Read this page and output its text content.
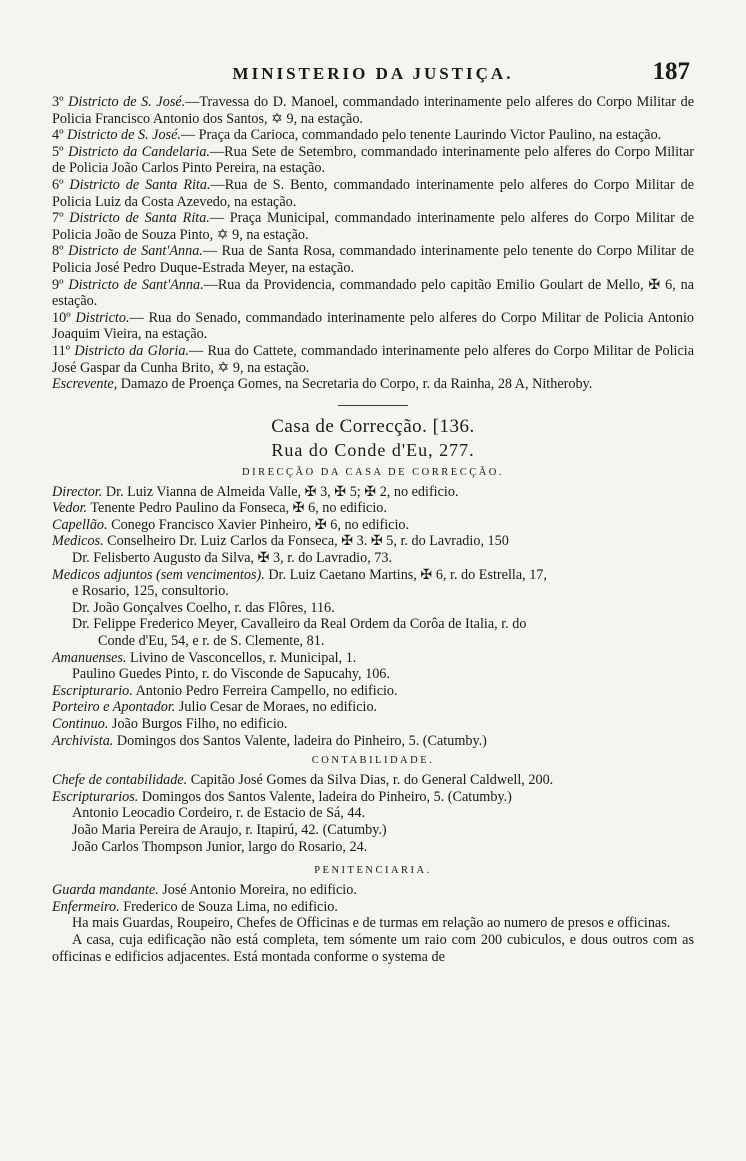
MINISTERIO DA JUSTIÇA.	187
3º Districto de S. José.—Travessa do D. Manoel, commandado interinamente pelo alferes do Corpo Militar de Policia Francisco Antonio dos Santos, ✡ 9, na estação.
4º Districto de S. José.— Praça da Carioca, commandado pelo tenente Laurindo Victor Paulino, na estação.
5º Districto da Candelaria.—Rua Sete de Setembro, commandado interinamente pelo alferes do Corpo Militar de Policia João Carlos Pinto Pereira, na estação.
6º Districto de Santa Rita.—Rua de S. Bento, commandado interinamente pelo alferes do Corpo Militar de Policia Luiz da Costa Azevedo, na estação.
7º Districto de Santa Rita.— Praça Municipal, commandado interinamente pelo alferes do Corpo Militar de Policia João de Souza Pinto, ✡ 9, na estação.
8º Districto de Sant'Anna.— Rua de Santa Rosa, commandado interinamente pelo tenente do Corpo Militar de Policia José Pedro Duque-Estrada Meyer, na estação.
9º Districto de Sant'Anna.—Rua da Providencia, commandado pelo capitão Emilio Goulart de Mello, ✠ 6, na estação.
10º Districto.— Rua do Senado, commandado interinamente pelo alferes do Corpo Militar de Policia Antonio Joaquim Vieira, na estação.
11º Districto da Gloria.— Rua do Cattete, commandado interinamente pelo alferes do Corpo Militar de Policia José Gaspar da Cunha Brito, ✡ 9, na estação.
Escrevente, Damazo de Proença Gomes, na Secretaria do Corpo, r. da Rainha, 28 A, Nitheroby.
Casa de Correcção. [136.
Rua do Conde d'Eu, 277.
DIRECÇÃO DA CASA DE CORRECÇÃO.
Director. Dr. Luiz Vianna de Almeida Valle, ✠ 3, ✠ 5; ✠ 2, no edificio.
Vedor. Tenente Pedro Paulino da Fonseca, ✠ 6, no edificio.
Capellão. Conego Francisco Xavier Pinheiro, ✠ 6, no edificio.
Medicos. Conselheiro Dr. Luiz Carlos da Fonseca, ✠ 3. ✠ 5, r. do Lavradio, 150
Dr. Felisberto Augusto da Silva, ✠ 3, r. do Lavradio, 73.
Medicos adjuntos (sem vencimentos). Dr. Luiz Caetano Martins, ✠ 6, r. do Estrella, 17,
e Rosario, 125, consultorio.
Dr. João Gonçalves Coelho, r. das Flôres, 116.
Dr. Felippe Frederico Meyer, Cavalleiro da Real Ordem da Corôa de Italia, r. do
Conde d'Eu, 54, e r. de S. Clemente, 81.
Amanuenses. Livino de Vasconcellos, r. Municipal, 1.
Paulino Guedes Pinto, r. do Visconde de Sapucahy, 106.
Escripturario. Antonio Pedro Ferreira Campello, no edificio.
Porteiro e Apontador. Julio Cesar de Moraes, no edificio.
Continuo. João Burgos Filho, no edificio.
Archivista. Domingos dos Santos Valente, ladeira do Pinheiro, 5. (Catumby.)
CONTABILIDADE.
Chefe de contabilidade. Capitão José Gomes da Silva Dias, r. do General Caldwell, 200.
Escripturarios. Domingos dos Santos Valente, ladeira do Pinheiro, 5. (Catumby.)
Antonio Leocadio Cordeiro, r. de Estacio de Sá, 44.
João Maria Pereira de Araujo, r. Itapirú, 42. (Catumby.)
João Carlos Thompson Junior, largo do Rosario, 24.
PENITENCIARIA.
Guarda mandante. José Antonio Moreira, no edificio.
Enfermeiro. Frederico de Souza Lima, no edificio.
Ha mais Guardas, Roupeiro, Chefes de Officinas e de turmas em relação ao numero de presos e officinas.
A casa, cuja edificação não está completa, tem sómente um raio com 200 cubiculos, e dous outros com as officinas e edificios adjacentes. Está montada conforme o systema de
